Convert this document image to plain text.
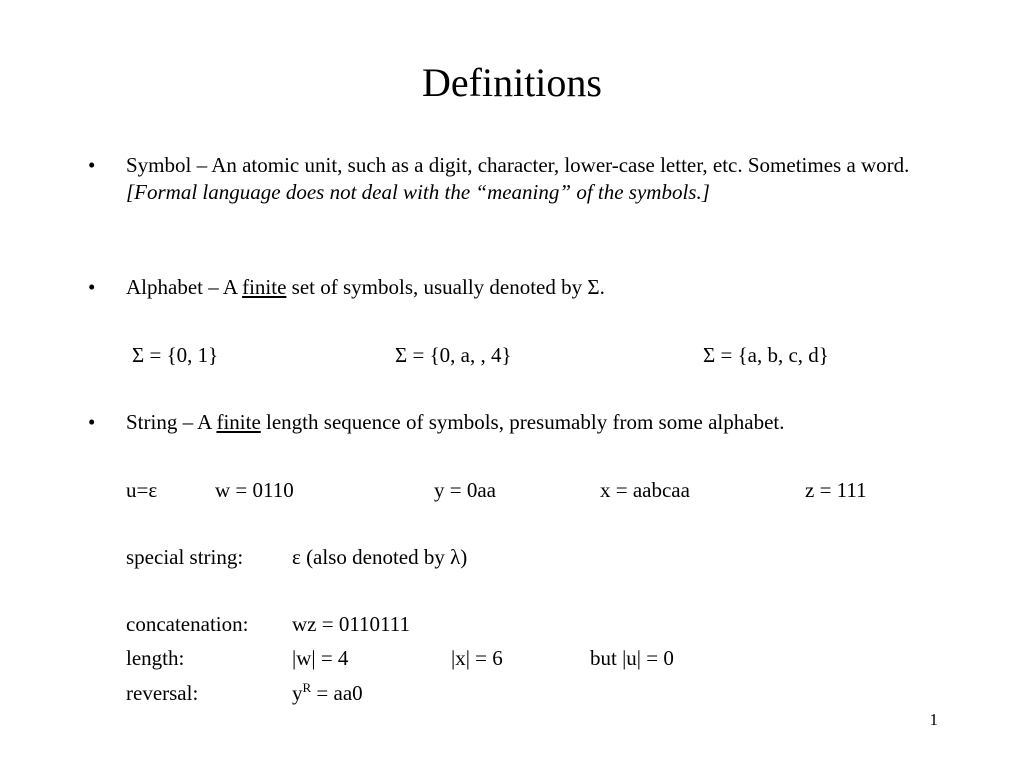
Definitions
• Symbol – An atomic unit, such as a digit, character, lower-case letter, etc. Sometimes a word. [Formal language does not deal with the “meaning” of the symbols.]
• Alphabet – A finite set of symbols, usually denoted by Σ.
Σ = {0, 1}	Σ = {0, a, , 4}	Σ = {a, b, c, d}
• String – A finite length sequence of symbols, presumably from some alphabet.
u=ε	w = 0110	y = 0aa	x = aabcaa	z = 111
special string: ε (also denoted by λ)
concatenation: wz = 0110111
length:	|w| = 4	|x| = 6	but |u| = 0
reversal:	$y^R = aa0$
1
